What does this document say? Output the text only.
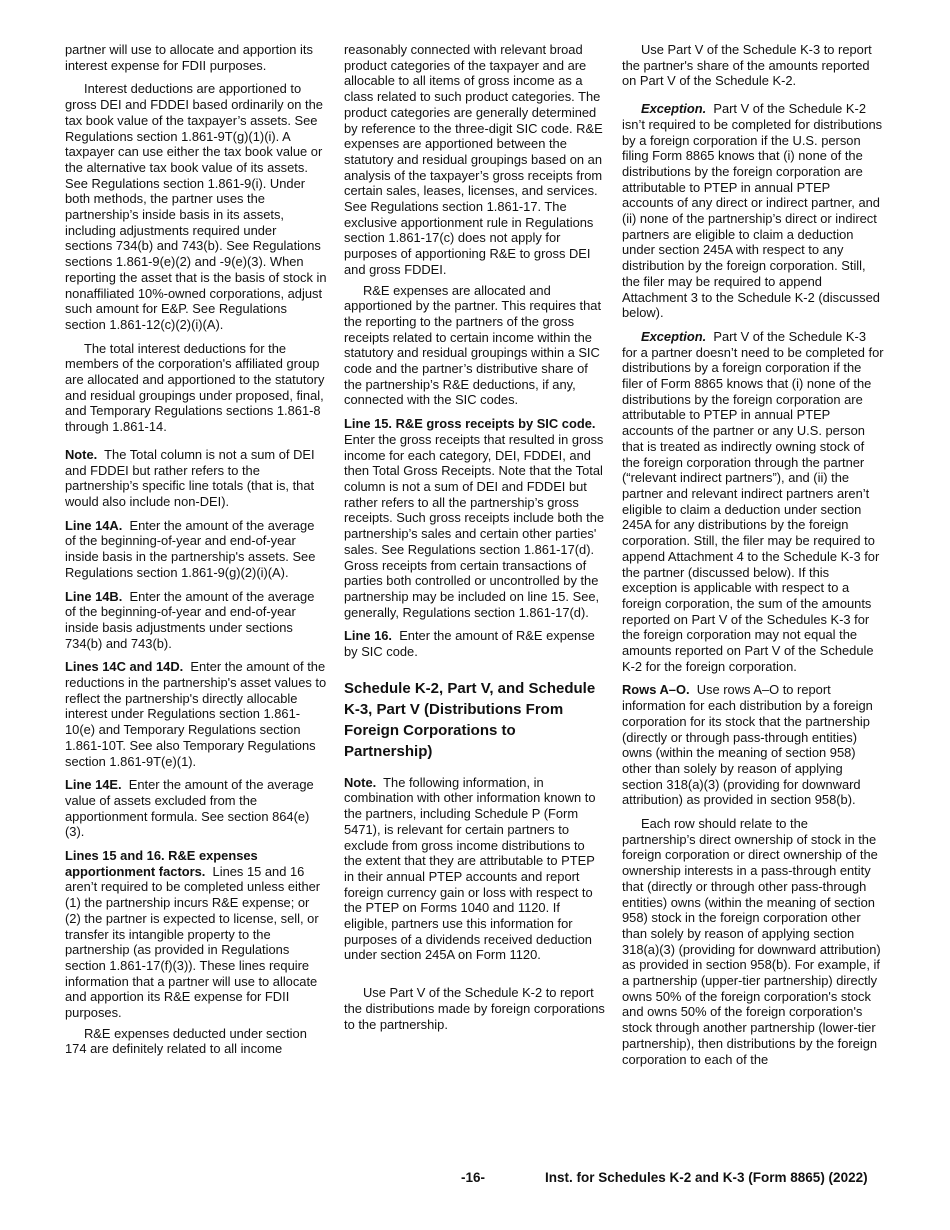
partner will use to allocate and apportion its interest expense for FDII purposes.

Interest deductions are apportioned to gross DEI and FDDEI based ordinarily on the tax book value of the taxpayer’s assets. See Regulations section 1.861-9T(g)(1)(i). A taxpayer can use either the tax book value or the alternative tax book value of its assets. See Regulations section 1.861-9(i). Under both methods, the partner uses the partnership’s inside basis in its assets, including adjustments required under sections 734(b) and 743(b). See Regulations sections 1.861-9(e)(2) and -9(e)(3). When reporting the asset that is the basis of stock in nonaffiliated 10%-owned corporations, adjust such amount for E&P. See Regulations section 1.861-12(c)(2)(i)(A).

The total interest deductions for the members of the corporation's affiliated group are allocated and apportioned to the statutory and residual groupings under proposed, final, and Temporary Regulations sections 1.861-8 through 1.861-14.

Note. The Total column is not a sum of DEI and FDDEI but rather refers to the partnership’s specific line totals (that is, that would also include non-DEI).

Line 14A. Enter the amount of the average of the beginning-of-year and end-of-year inside basis in the partnership's assets. See Regulations section 1.861-9(g)(2)(i)(A).

Line 14B. Enter the amount of the average of the beginning-of-year and end-of-year inside basis adjustments under sections 734(b) and 743(b).

Lines 14C and 14D. Enter the amount of the reductions in the partnership's asset values to reflect the partnership's directly allocable interest under Regulations section 1.861-10(e) and Temporary Regulations section 1.861-10T. See also Temporary Regulations section 1.861-9T(e)(1).

Line 14E. Enter the amount of the average value of assets excluded from the apportionment formula. See section 864(e)(3).

Lines 15 and 16. R&E expenses apportionment factors. Lines 15 and 16 aren’t required to be completed unless either (1) the partnership incurs R&E expense; or (2) the partner is expected to license, sell, or transfer its intangible property to the partnership (as provided in Regulations section 1.861-17(f)(3)). These lines require information that a partner will use to allocate and apportion its R&E expense for FDII purposes.

R&E expenses deducted under section 174 are definitely related to all income

reasonably connected with relevant broad product categories of the taxpayer and are allocable to all items of gross income as a class related to such product categories. The product categories are generally determined by reference to the three-digit SIC code. R&E expenses are apportioned between the statutory and residual groupings based on an analysis of the taxpayer’s gross receipts from certain sales, leases, licenses, and services. See Regulations section 1.861-17. The exclusive apportionment rule in Regulations section 1.861-17(c) does not apply for purposes of apportioning R&E to gross DEI and gross FDDEI.

R&E expenses are allocated and apportioned by the partner. This requires that the reporting to the partners of the gross receipts related to certain income within the statutory and residual groupings within a SIC code and the partner’s distributive share of the partnership’s R&E deductions, if any, connected with the SIC codes.

Line 15. R&E gross receipts by SIC code.  Enter the gross receipts that resulted in gross income for each category, DEI, FDDEI, and then Total Gross Receipts. Note that the Total column is not a sum of DEI and FDDEI but rather refers to all the partnership’s gross receipts. Such gross receipts include both the partnership’s sales and certain other parties' sales. See Regulations section 1.861-17(d). Gross receipts from certain transactions of parties both controlled or uncontrolled by the partnership may be included on line 15. See, generally, Regulations section 1.861-17(d).

Line 16. Enter the amount of R&E expense by SIC code.

Schedule K-2, Part V, and Schedule K-3, Part V (Distributions From Foreign Corporations to Partnership)

Note. The following information, in combination with other information known to the partners, including Schedule P (Form 5471), is relevant for certain partners to exclude from gross income distributions to the extent that they are attributable to PTEP in their annual PTEP accounts and report foreign currency gain or loss with respect to the PTEP on Forms 1040 and 1120. If eligible, partners use this information for purposes of a dividends received deduction under section 245A on Form 1120.

Use Part V of the Schedule K-2 to report the distributions made by foreign corporations to the partnership.

Use Part V of the Schedule K-3 to report the partner's share of the amounts reported on Part V of the Schedule K-2.

Exception. Part V of the Schedule K-2 isn’t required to be completed for distributions by a foreign corporation if the U.S. person filing Form 8865 knows that (i) none of the distributions by the foreign corporation are attributable to PTEP in annual PTEP accounts of any direct or indirect partner, and (ii) none of the partnership’s direct or indirect partners are eligible to claim a deduction under section 245A with respect to any distribution by the foreign corporation. Still, the filer may be required to append Attachment 3 to the Schedule K-2 (discussed below).

Exception. Part V of the Schedule K-3 for a partner doesn’t need to be completed for distributions by a foreign corporation if the filer of Form 8865 knows that (i) none of the distributions by the foreign corporation are attributable to PTEP in annual PTEP accounts of the partner or any U.S. person that is treated as indirectly owning stock of the foreign corporation through the partner (“relevant indirect partners”), and (ii) the partner and relevant indirect partners aren’t eligible to claim a deduction under section 245A for any distributions by the foreign corporation. Still, the filer may be required to append Attachment 4 to the Schedule K-3 for the partner (discussed below). If this exception is applicable with respect to a foreign corporation, the sum of the amounts reported on Part V of the Schedules K-3 for the foreign corporation may not equal the amounts reported on Part V of the Schedule K-2 for the foreign corporation.

Rows A–O. Use rows A–O to report information for each distribution by a foreign corporation for its stock that the partnership (directly or through pass-through entities) owns (within the meaning of section 958) other than solely by reason of applying section 318(a)(3) (providing for downward attribution) as provided in section 958(b).

Each row should relate to the partnership’s direct ownership of stock in the foreign corporation or direct ownership of the ownership interests in a pass-through entity that (directly or through other pass-through entities) owns (within the meaning of section 958) stock in the foreign corporation other than solely by reason of applying section 318(a)(3) (providing for downward attribution) as provided in section 958(b). For example, if a partnership (upper-tier partnership) directly owns 50% of the foreign corporation's stock and owns 50% of the foreign corporation's stock through another partnership (lower-tier partnership), then distributions by the foreign corporation to each of the

-16-	Inst. for Schedules K-2 and K-3 (Form 8865) (2022)
